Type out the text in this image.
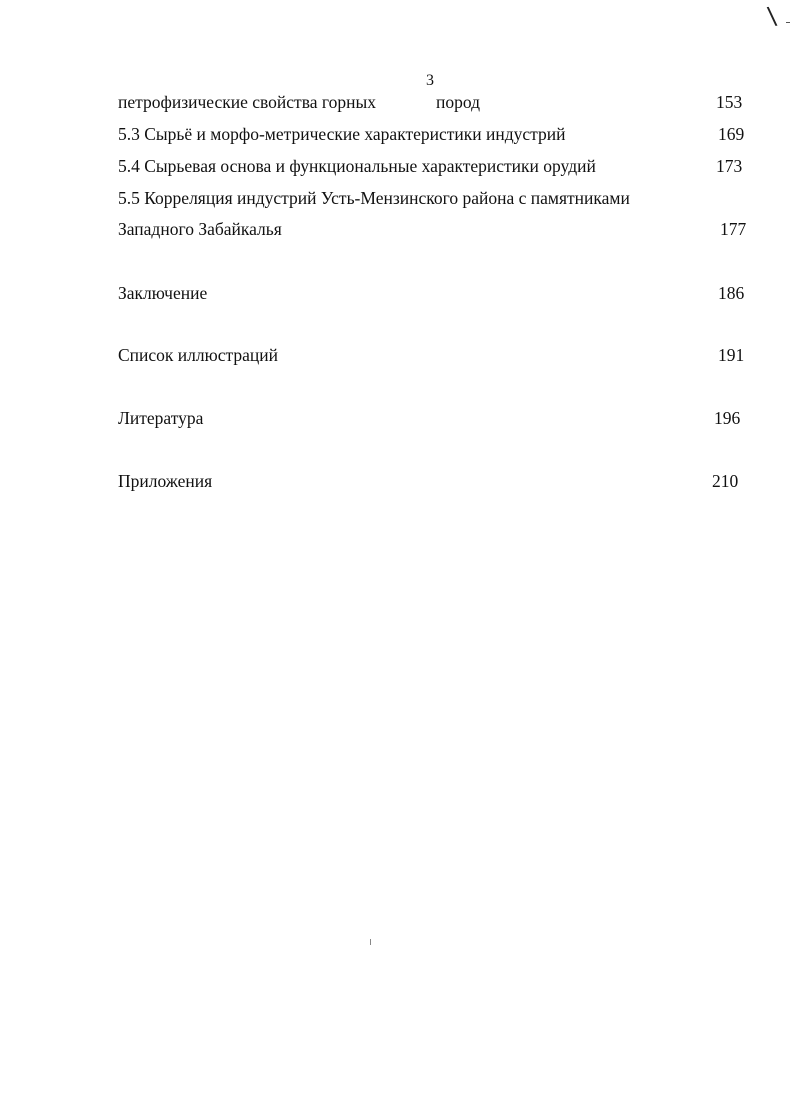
\
3
петрофизические свойства горных	пород	153
5.3 Сырьё и морфо-метрические характеристики индустрий	169
5.4 Сырьевая основа и функциональные характеристики орудий	173
5.5 Корреляция индустрий Усть-Мензинского района с памятниками
Западного Забайкалья	177
Заключение	186
Список иллюстраций	191
Литература	196
Приложения	210
